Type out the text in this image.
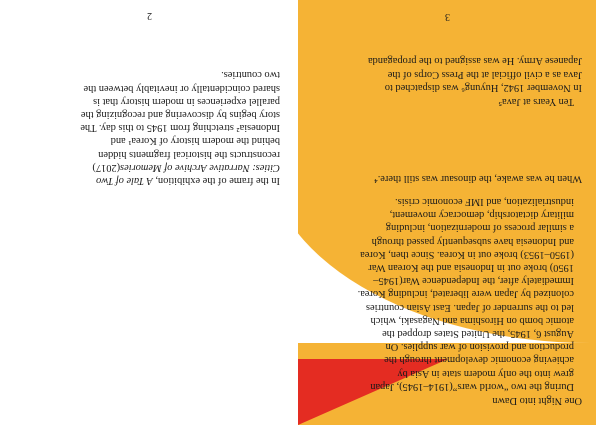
One Night into Dawn
During the two “world wars”(1914–1945), Japan
grew into the only modern state in Asia by
achieving economic development through the
production and provision of war supplies. On
August 6, 1945, the United States dropped the
atomic bomb on Hiroshima and Nagasaki, which
led to the surrender of Japan. East Asian countries
colonized by Japan were liberated, including Korea.
Immediately after, the Independence War(1945–
1950) broke out in Indonesia and the Korean War
(1950–1953) broke out in Korea. Since then, Korea
and Indonesia have subsequently passed through
a similar process of modernization, including
military dictatorship, democracy movement,
industrialization, and IMF economic crisis.
When he was awake, the dinosaur was still there.⁴
Ten Years at Java⁵
In November 1942, Huyung⁶ was dispatched to
Java as a civil official at the Press Corps of the
Japanese Army. He was assigned to the propaganda
3
In the frame of the exhibition, A Tale of Two
Cities: Narrative Archive of Memories(2017)
reconstructs the historical fragments hidden
behind the modern history of Korea¹ and
Indonesia² stretching from 1945 to this day. The
story begins by discovering and recognizing the
parallel experiences in modern history that is
shared coincidentally or inevitably between the
two countries.
2
